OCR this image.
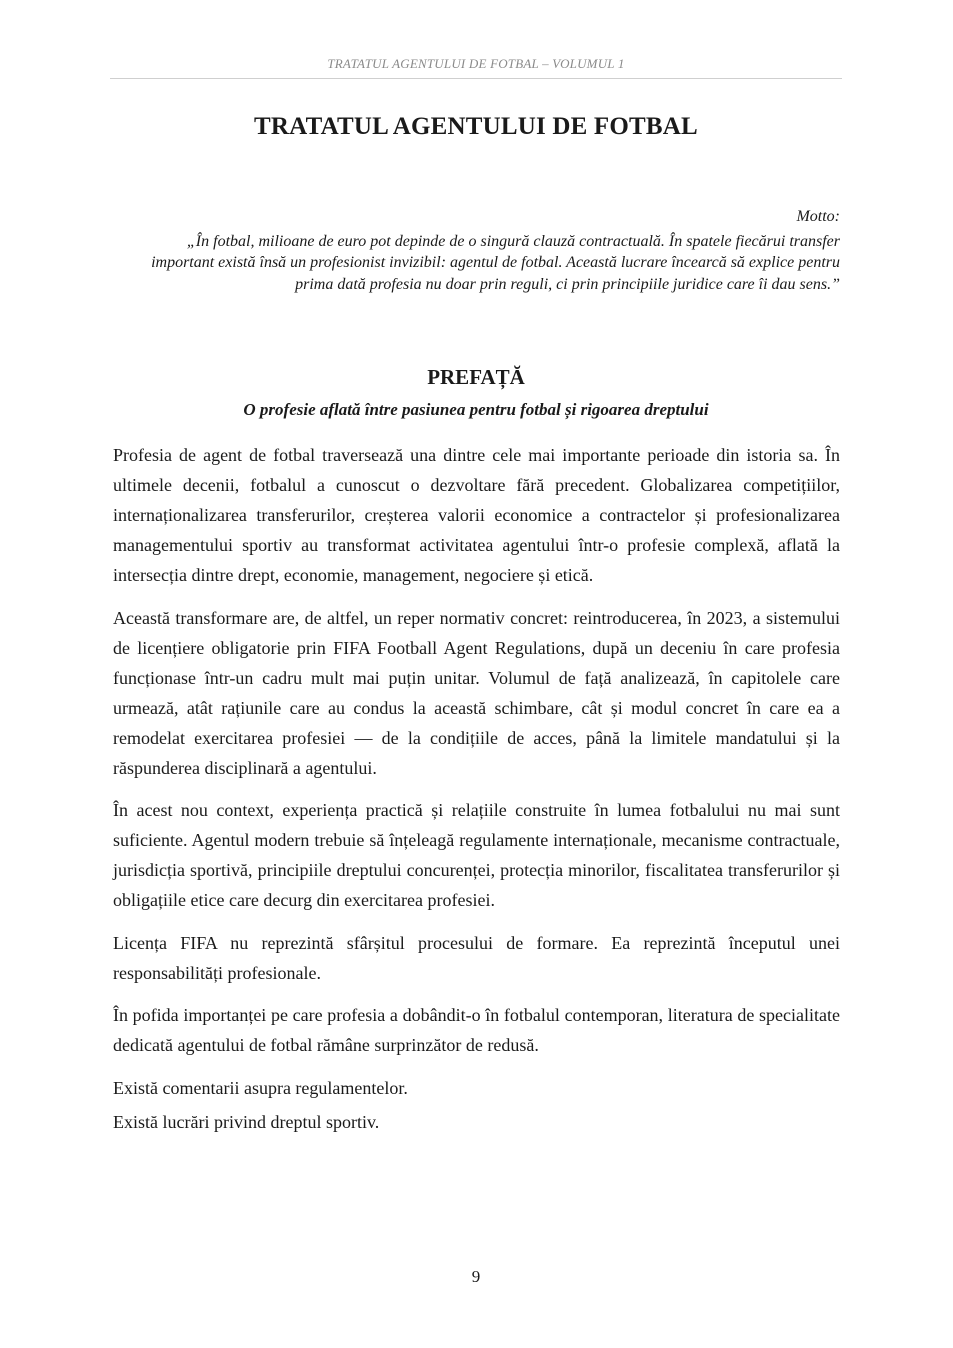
TRATATUL AGENTULUI DE FOTBAL – VOLUMUL 1
TRATATUL AGENTULUI DE FOTBAL

Motto:

„În fotbal, milioane de euro pot depinde de o singură clauză contractuală. În spatele fiecărui transfer important există însă un profesionist invizibil: agentul de fotbal. Această lucrare încearcă să explice pentru prima dată profesia nu doar prin reguli, ci prin principiile juridice care îi dau sens.”

PREFAȚĂ

O profesie aflată între pasiunea pentru fotbal și rigoarea dreptului

Profesia de agent de fotbal traversează una dintre cele mai importante perioade din istoria sa. În ultimele decenii, fotbalul a cunoscut o dezvoltare fără precedent. Globalizarea competițiilor, internaționalizarea transferurilor, creșterea valorii economice a contractelor și profesionalizarea managementului sportiv au transformat activitatea agentului într-o profesie complexă, aflată la intersecția dintre drept, economie, management, negociere și etică.

Această transformare are, de altfel, un reper normativ concret: reintroducerea, în 2023, a sistemului de licențiere obligatorie prin FIFA Football Agent Regulations, după un deceniu în care profesia funcționase într-un cadru mult mai puțin unitar. Volumul de față analizează, în capitolele care urmează, atât rațiunile care au condus la această schimbare, cât și modul concret în care ea a remodelat exercitarea profesiei — de la condițiile de acces, până la limitele mandatului și la răspunderea disciplinară a agentului.

În acest nou context, experiența practică și relațiile construite în lumea fotbalului nu mai sunt suficiente. Agentul modern trebuie să înțeleagă regulamente internaționale, mecanisme contractuale, jurisdicția sportivă, principiile dreptului concurenței, protecția minorilor, fiscalitatea transferurilor și obligațiile etice care decurg din exercitarea profesiei.

Licența FIFA nu reprezintă sfârșitul procesului de formare. Ea reprezintă începutul unei responsabilități profesionale.

În pofida importanței pe care profesia a dobândit-o în fotbalul contemporan, literatura de specialitate dedicată agentului de fotbal rămâne surprinzător de redusă.

Există comentarii asupra regulamentelor.

Există lucrări privind dreptul sportiv.

9
